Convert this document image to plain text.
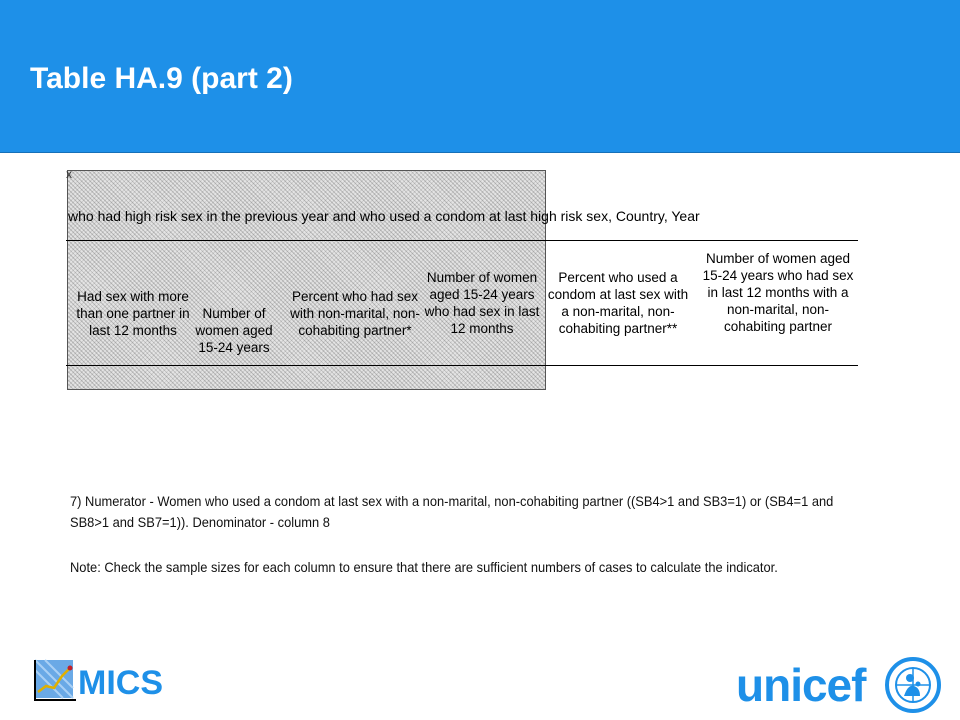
Table HA.9 (part 2)
x
who had high risk sex in the previous year and who used a condom at last high risk sex, Country, Year
Had sex with more than one partner in last 12 months
Number of women aged 15-24 years
Percent who had sex with non-marital, non-cohabiting partner*
Number of women aged 15-24 years who had sex in last 12 months
Percent who used a condom at last sex with a non-marital, non-cohabiting partner**
Number of women aged 15-24 years who had sex in last 12 months with a non-marital, non-cohabiting partner
7) Numerator - Women who used a condom at last sex with a non-marital, non-cohabiting partner ((SB4>1 and SB3=1) or (SB4=1 and SB8>1 and SB7=1)). Denominator - column 8
Note: Check the sample sizes for each column to ensure that there are sufficient numbers of cases to calculate the indicator.
MICS	unicef
